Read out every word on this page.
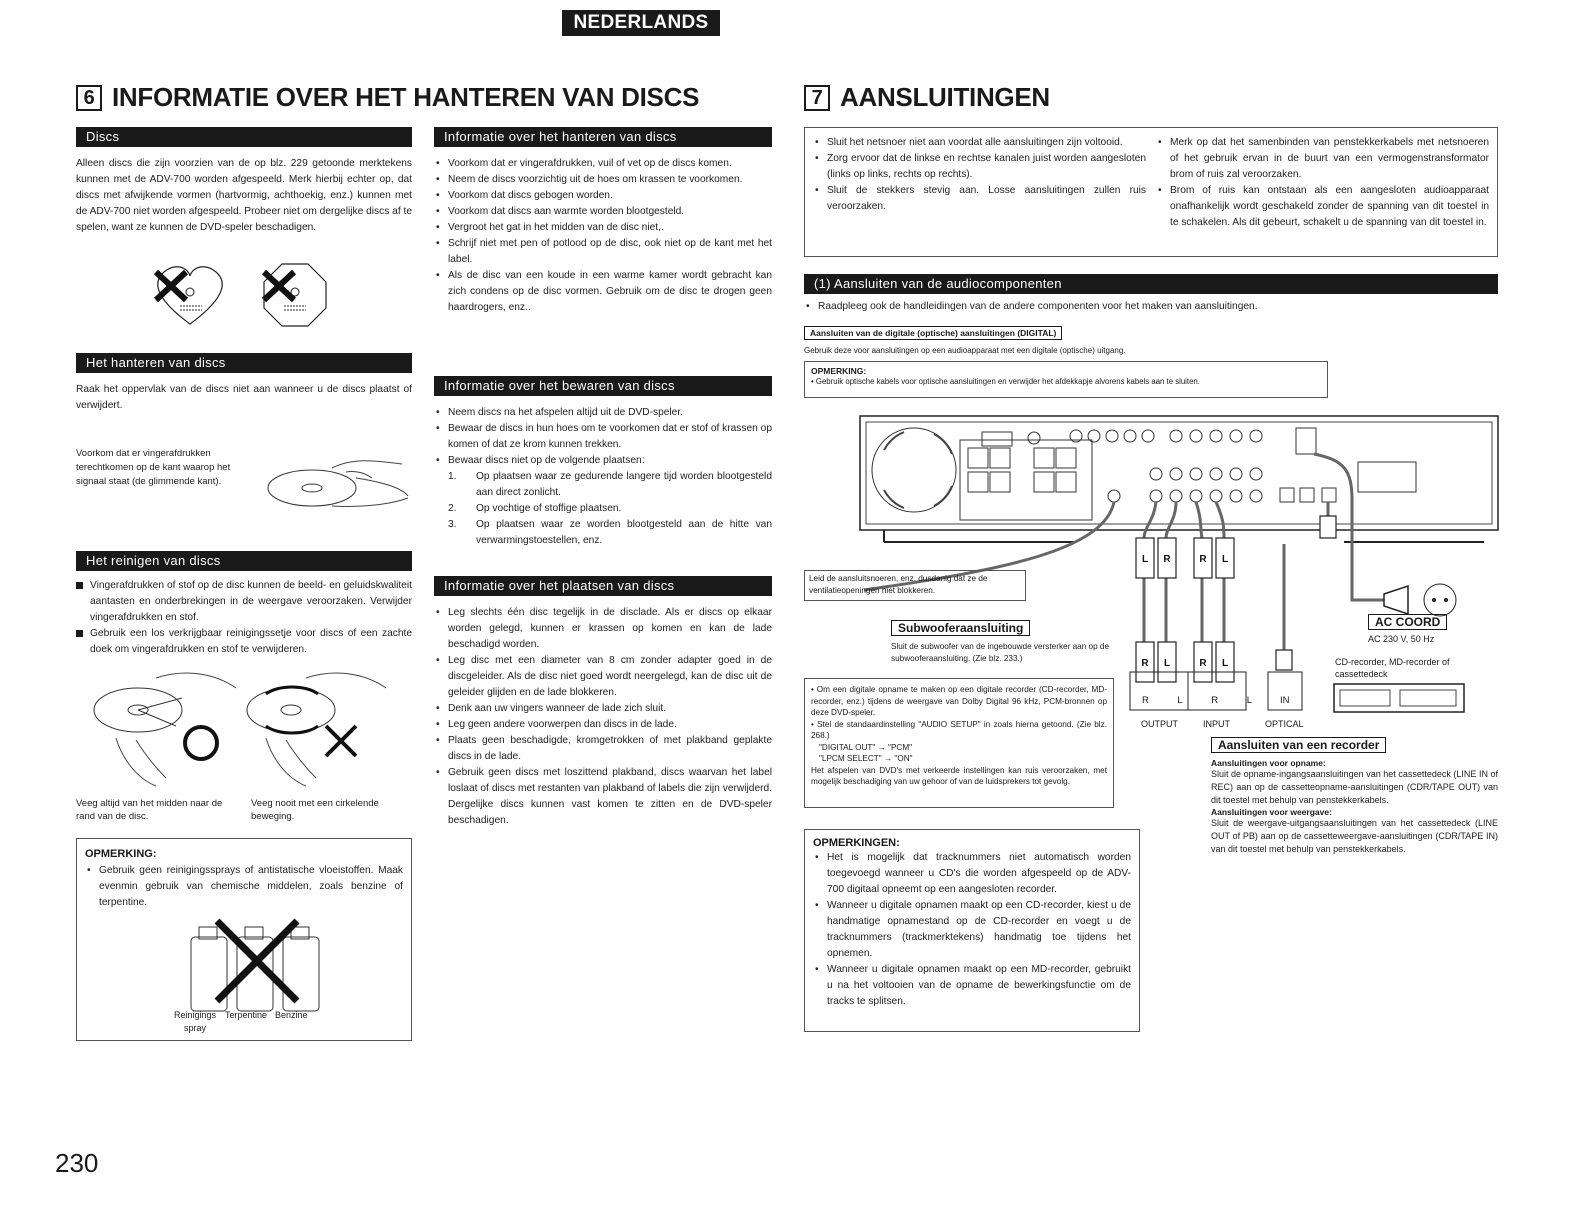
NEDERLANDS
6 INFORMATIE OVER HET HANTEREN VAN DISCS
Discs

Alleen discs die zijn voorzien van de op blz. 229 getoonde merktekens kunnen met de ADV-700 worden afgespeeld. Merk hierbij echter op, dat discs met afwijkende vormen (hartvormig, achthoekig, enz.) kunnen met de ADV-700 niet worden afgespeeld. Probeer niet om dergelijke discs af te spelen, want ze kunnen de DVD-speler beschadigen.

Het hanteren van discs

Raak het oppervlak van de discs niet aan wanneer u de discs plaatst of verwijdert.

Voorkom dat er vingerafdrukken terechtkomen op de kant waarop het signaal staat (de glimmende kant).

Het reinigen van discs
Vingerafdrukken of stof op de disc kunnen de beeld- en geluidskwaliteit aantasten en onderbrekingen in de weergave veroorzaken. Verwijder vingerafdrukken en stof.
Gebruik een los verkrijgbaar reinigingssetje voor discs of een zachte doek om vingerafdrukken en stof te verwijderen.

Veeg altijd van het midden naar de rand van de disc.

Veeg nooit met een cirkelende beweging.

OPMERKING:
• Gebruik geen reinigingssprays of antistatische vloeistoffen. Maak evenmin gebruik van chemische middelen, zoals benzine of terpentine.
Reinigings spray
Terpentine Benzine
Informatie over het hanteren van discs
• Voorkom dat er vingerafdrukken, vuil of vet op de discs komen.
• Neem de discs voorzichtig uit de hoes om krassen te voorkomen.
• Voorkom dat discs gebogen worden.
• Voorkom dat discs aan warmte worden blootgesteld.
• Vergroot het gat in het midden van de disc niet,.
• Schrijf niet met pen of potlood op de disc, ook niet op de kant met het label.
• Als de disc van een koude in een warme kamer wordt gebracht kan zich condens op de disc vormen. Gebruik om de disc te drogen geen haardrogers, enz..
Informatie over het bewaren van discs
• Neem discs na het afspelen altijd uit de DVD-speler.
• Bewaar de discs in hun hoes om te voorkomen dat er stof of krassen op komen of dat ze krom kunnen trekken.
• Bewaar discs niet op de volgende plaatsen:
1. Op plaatsen waar ze gedurende langere tijd worden blootgesteld aan direct zonlicht.
2. Op vochtige of stoffige plaatsen.
3. Op plaatsen waar ze worden blootgesteld aan de hitte van verwarmingstoestellen, enz.
Informatie over het plaatsen van discs
• Leg slechts één disc tegelijk in de disclade. Als er discs op elkaar worden gelegd, kunnen er krassen op komen en kan de lade beschadigd worden.
• Leg disc met een diameter van 8 cm zonder adapter goed in de discgeleider. Als de disc niet goed wordt neergelegd, kan de disc uit de geleider glijden en de lade blokkeren.
• Denk aan uw vingers wanneer de lade zich sluit.
• Leg geen andere voorwerpen dan discs in de lade.
• Plaats geen beschadigde, kromgetrokken of met plakband geplakte discs in de lade.
• Gebruik geen discs met loszittend plakband, discs waarvan het label loslaat of discs met restanten van plakband of labels die zijn verwijderd. Dergelijke discs kunnen vast komen te zitten en de DVD-speler beschadigen.
7 AANSLUITINGEN
• Sluit het netsnoer niet aan voordat alle aansluitingen zijn voltooid.
• Zorg ervoor dat de linkse en rechtse kanalen juist worden aangesloten (links op links, rechts op rechts).
• Sluit de stekkers stevig aan. Losse aansluitingen zullen ruis veroorzaken.
• Merk op dat het samenbinden van penstekkerkabels met netsnoeren of het gebruik ervan in de buurt van een vermogenstransformator brom of ruis zal veroorzaken.
• Brom of ruis kan ontstaan als een aangesloten audioapparaat onafhankelijk wordt geschakeld zonder de spanning van dit toestel in te schakelen. Als dit gebeurt, schakelt u de spanning van dit toestel in.
(1) Aansluiten van de audiocomponenten
• Raadpleeg ook de handleidingen van de andere componenten voor het maken van aansluitingen.
Aansluiten van de digitale (optische) aansluitingen (DIGITAL)
Gebruik deze voor aansluitingen op een audioapparaat met een digitale (optische) uitgang.
OPMERKING:
• Gebruik optische kabels voor optische aansluitingen en verwijder het afdekkapje alvorens kabels aan te sluiten.
L R	R L
R L	R L
Leid de aansluitsnoeren, enz. dusdanig dat ze de ventilatieopeningen niet blokkeren.
Subwooferaansluiting
Sluit de subwoofer van de ingebouwde versterker aan op de subwooferaansluiting. (Zie blz. 233.)
AC COORD
AC 230 V, 50 Hz
CD-recorder, MD-recorder of cassettedeck
R	L	R	L	IN
OUTPUT	INPUT	OPTICAL
• Om een digitale opname te maken op een digitale recorder (CD-recorder, MD-recorder, enz.) tijdens de weergave van Dolby Digital 96 kHz, PCM-bronnen op deze DVD-speler.
• Stel de standaardinstelling "AUDIO SETUP" in zoals hierna getoond. (Zie blz. 268.)
"DIGITAL OUT" → "PCM"
"LPCM SELECT" → "ON"
Het afspelen van DVD's met verkeerde instellingen kan ruis veroorzaken, met mogelijk beschadiging van uw gehoor of van de luidsprekers tot gevolg.
OPMERKINGEN:
• Het is mogelijk dat tracknummers niet automatisch worden toegevoegd wanneer u CD's die worden afgespeeld op de ADV-700 digitaal opneemt op een aangesloten recorder.
• Wanneer u digitale opnamen maakt op een CD-recorder, kiest u de handmatige opnamestand op de CD-recorder en voegt u de tracknummers (trackmerktekens) handmatig toe tijdens het opnemen.
• Wanneer u digitale opnamen maakt op een MD-recorder, gebruikt u na het voltooien van de opname de bewerkingsfunctie om de tracks te splitsen.
Aansluiten van een recorder
Aansluitingen voor opname:

Sluit de opname-ingangsaansluitingen van het cassettedeck (LINE IN of REC) aan op de cassetteopname-aansluitingen (CDR/TAPE OUT) van dit toestel met behulp van penstekkerkabels.

Aansluitingen voor weergave:

Sluit de weergave-uitgangsaansluitingen van het cassettedeck (LINE OUT of PB) aan op de cassetteweergave-aansluitingen (CDR/TAPE IN) van dit toestel met behulp van penstekkerkabels.

230
